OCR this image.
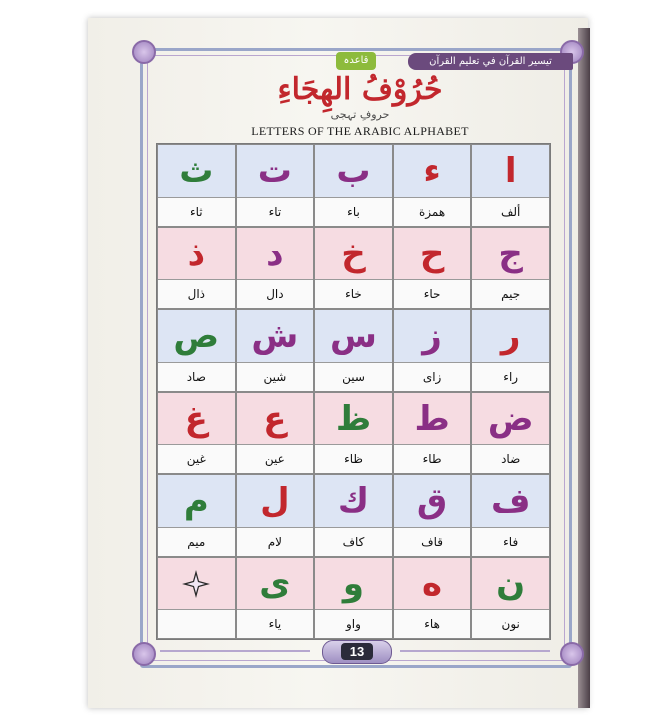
تيسير القرآن في تعليم القرآن
قاعدہ
حُرُوْفُ الهِجَاءِ
حروفِ تہجی
LETTERS OF THE ARABIC ALPHABET
ث
ثاء
ت
تاء
ب
باء
ء
همزة
ا
ألف
ذ
ذال
د
دال
خ
خاء
ح
حاء
ج
جيم
ص
صاد
ش
شين
س
سين
ز
زاى
ر
راء
غ
غين
ع
عين
ظ
ظاء
ط
طاء
ض
ضاد
م
ميم
ل
لام
ك
كاف
ق
قاف
ف
فاء
ى
ياء
و
واو
ه
هاء
ن
نون
13
